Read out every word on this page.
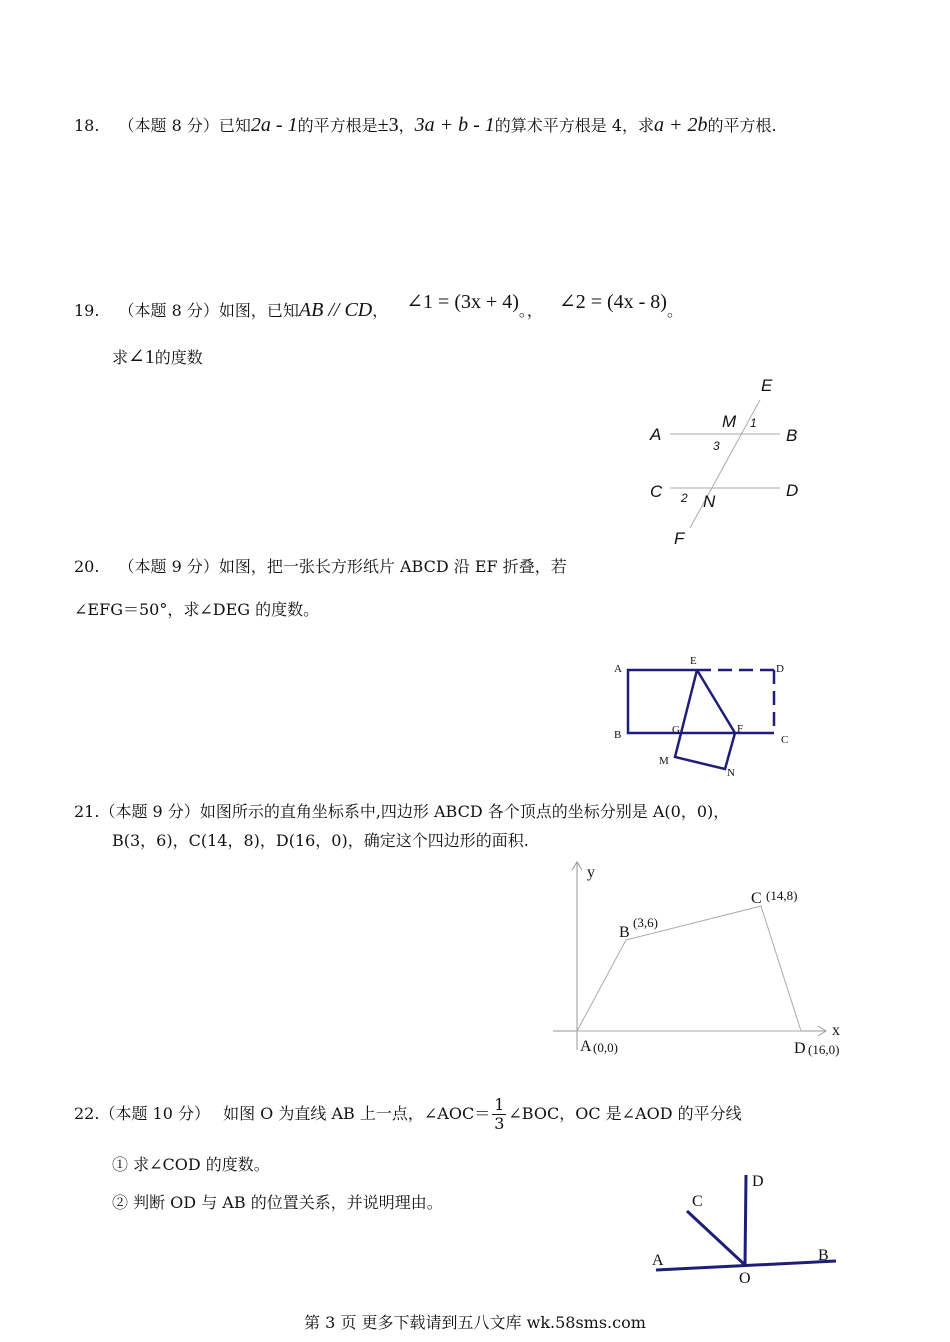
18. （本题 8 分）已知2a - 1的平方根是±3，3a + b - 1的算术平方根是 4，求a + 2b的平方根.
19. （本题 8 分）如图，已知AB // CD， ∠1 = (3x + 4)。， ∠2 = (4x - 8)。
求∠1的度数
E
M 1
A	B
3
C	D
2 N
F
20. （本题 9 分）如图，把一张长方形纸片 ABCD 沿 EF 折叠，若
∠EFG＝50°，求∠DEG 的度数。
A
E
D
B	G	F
C
M
N
21.（本题 9 分）如图所示的直角坐标系中,四边形 ABCD 各个顶点的坐标分别是 A(0，0)，
B(3，6)，C(14，8)，D(16，0)，确定这个四边形的面积.
y
x
A (0,0)
B
(3,6)
C (14,8)
D (16,0)
22.（本题 10 分） 如图 O 为直线 AB 上一点，∠AOC＝ $\frac{1}{3}$ ∠BOC，OC 是∠AOD 的平分线
① 求∠COD 的度数。
② 判断 OD 与 AB 的位置关系，并说明理由。
D
C
A	B
O
第 3 页 更多下载请到五八文库 wk.58sms.com
